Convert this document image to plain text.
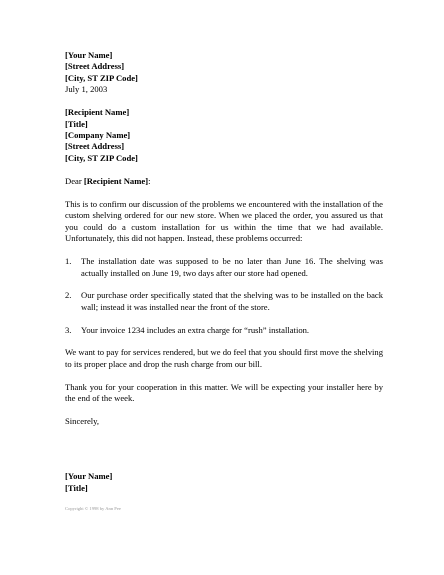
[Your Name]
[Street Address]
[City, ST ZIP Code]
July 1, 2003
[Recipient Name]
[Title]
[Company Name]
[Street Address]
[City, ST ZIP Code]
Dear [Recipient Name]:
This is to confirm our discussion of the problems we encountered with the installation of the custom shelving ordered for our new store. When we placed the order, you assured us that you could do a custom installation for us within the time that we had available. Unfortunately, this did not happen. Instead, these problems occurred:
1.	The installation date was supposed to be no later than June 16. The shelving was actually installed on June 19, two days after our store had opened.
2.	Our purchase order specifically stated that the shelving was to be installed on the back wall; instead it was installed near the front of the store.
3.	Your invoice 1234 includes an extra charge for “rush” installation.
We want to pay for services rendered, but we do feel that you should first move the shelving to its proper place and drop the rush charge from our bill.
Thank you for your cooperation in this matter. We will be expecting your installer here by the end of the week.
Sincerely,
[Your Name]
[Title]
Copyright © 1998 by Ann Pee
